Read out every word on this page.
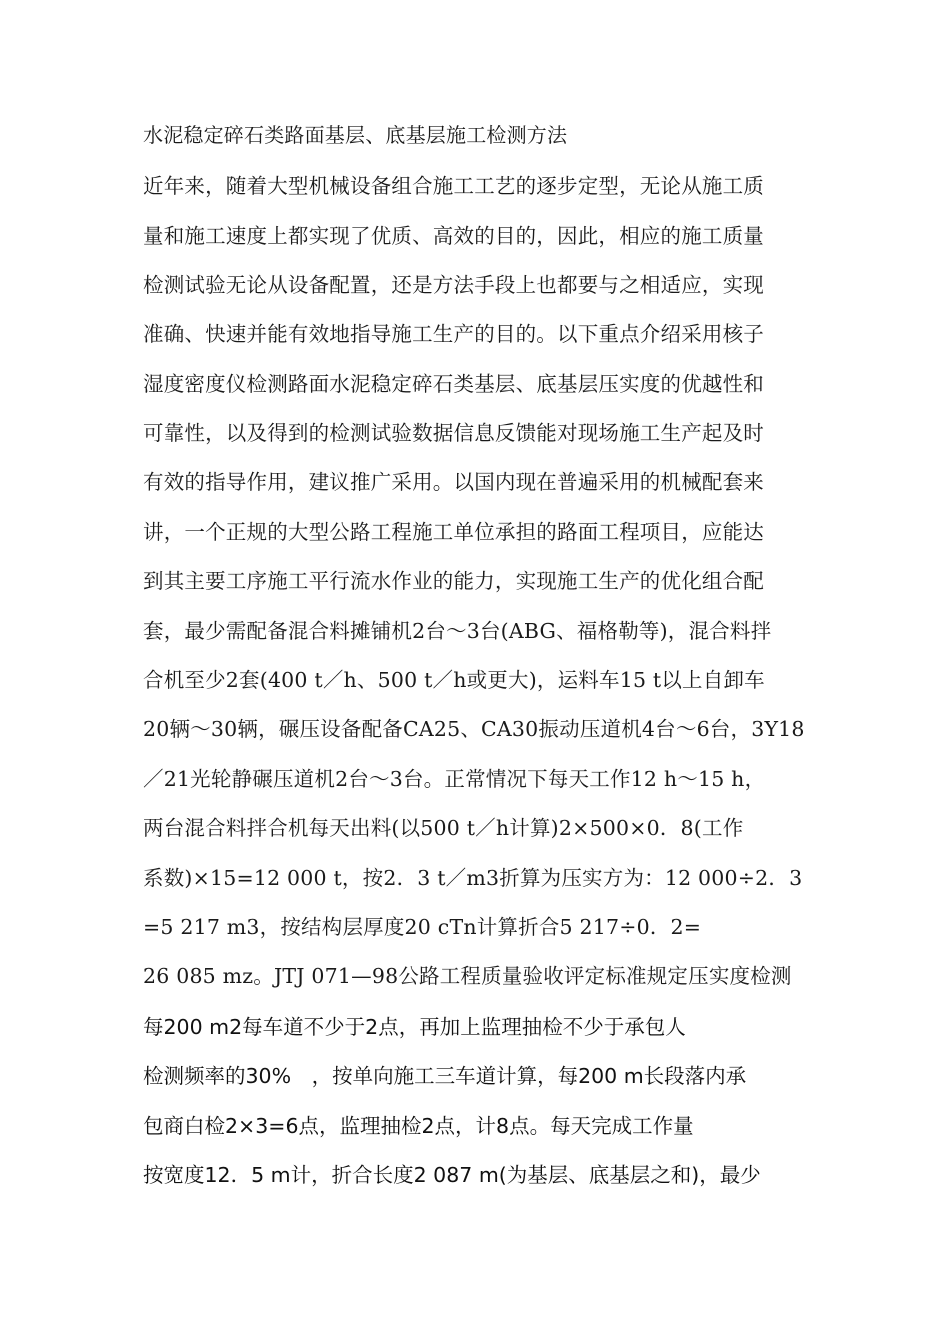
水泥稳定碎石类路面基层、底基层施工检测方法
近年来，随着大型机械设备组合施工工艺的逐步定型，无论从施工质
量和施工速度上都实现了优质、高效的目的，因此，相应的施工质量
检测试验无论从设备配置，还是方法手段上也都要与之相适应，实现
准确、快速并能有效地指导施工生产的目的。以下重点介绍采用核子
湿度密度仪检测路面水泥稳定碎石类基层、底基层压实度的优越性和
可靠性，以及得到的检测试验数据信息反馈能对现场施工生产起及时
有效的指导作用，建议推广采用。以国内现在普遍采用的机械配套来
讲，一个正规的大型公路工程施工单位承担的路面工程项目，应能达
到其主要工序施工平行流水作业的能力，实现施工生产的优化组合配
套，最少需配备混合料摊铺机2台～3台(ABG、福格勒等)，混合料拌
合机至少2套(400 t／h、500 t／h或更大)，运料车15 t以上自卸车
20辆～30辆，碾压设备配备CA25、CA30振动压道机4台～6台，3Y18
／21光轮静碾压道机2台～3台。正常情况下每天工作12 h～15 h，
两台混合料拌合机每天出料(以500 t／h计算)2×500×0．8(工作
系数)×15=12 000 t，按2．3 t／m3折算为压实方为：12 000÷2．3
=5 217 m3，按结构层厚度20 cTn计算折合5 217÷0．2=
26 085 mz。JTJ 071—98公路工程质量验收评定标准规定压实度检测
每200 m2每车道不少于2点，再加上监理抽检不少于承包人
检测频率的30%　，按单向施工三车道计算，每200 m长段落内承
包商白检2×3=6点，监理抽检2点，计8点。每天完成工作量
按宽度12．5 m计，折合长度2 087 m(为基层、底基层之和)，最少
